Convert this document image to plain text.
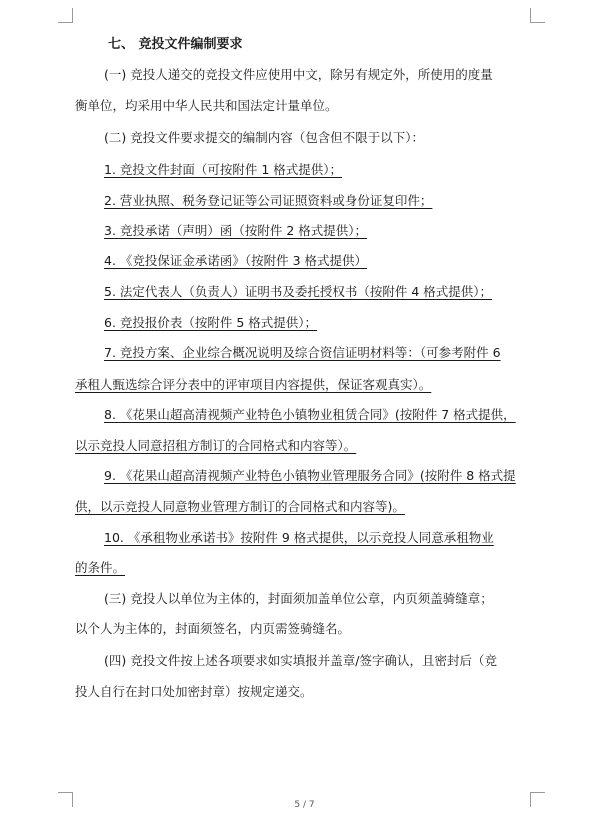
七、 竞投文件编制要求
(一) 竞投人递交的竞投文件应使用中文，除另有规定外，所使用的度量
衡单位，均采用中华人民共和国法定计量单位。
(二) 竞投文件要求提交的编制内容（包含但不限于以下）：
1. 竞投文件封面（可按附件 1 格式提供）；
2. 营业执照、税务登记证等公司证照资料或身份证复印件；
3. 竞投承诺（声明）函（按附件 2 格式提供）；
4. 《竞投保证金承诺函》（按附件 3 格式提供）
5. 法定代表人（负责人）证明书及委托授权书（按附件 4 格式提供）；
6. 竞投报价表（按附件 5 格式提供）；
7. 竞投方案、企业综合概况说明及综合资信证明材料等：（可参考附件 6
承租人甄选综合评分表中的评审项目内容提供，保证客观真实）。
8. 《花果山超高清视频产业特色小镇物业租赁合同》(按附件 7 格式提供，
以示竞投人同意招租方制订的合同格式和内容等）。
9. 《花果山超高清视频产业特色小镇物业管理服务合同》(按附件 8 格式提
供，以示竞投人同意物业管理方制订的合同格式和内容等)。
10. 《承租物业承诺书》按附件 9 格式提供，以示竞投人同意承租物业
的条件。
(三) 竞投人以单位为主体的，封面须加盖单位公章，内页须盖骑缝章；
以个人为主体的，封面须签名，内页需签骑缝名。
(四) 竞投文件按上述各项要求如实填报并盖章/签字确认，且密封后（竞
投人自行在封口处加密封章）按规定递交。
5 / 7
